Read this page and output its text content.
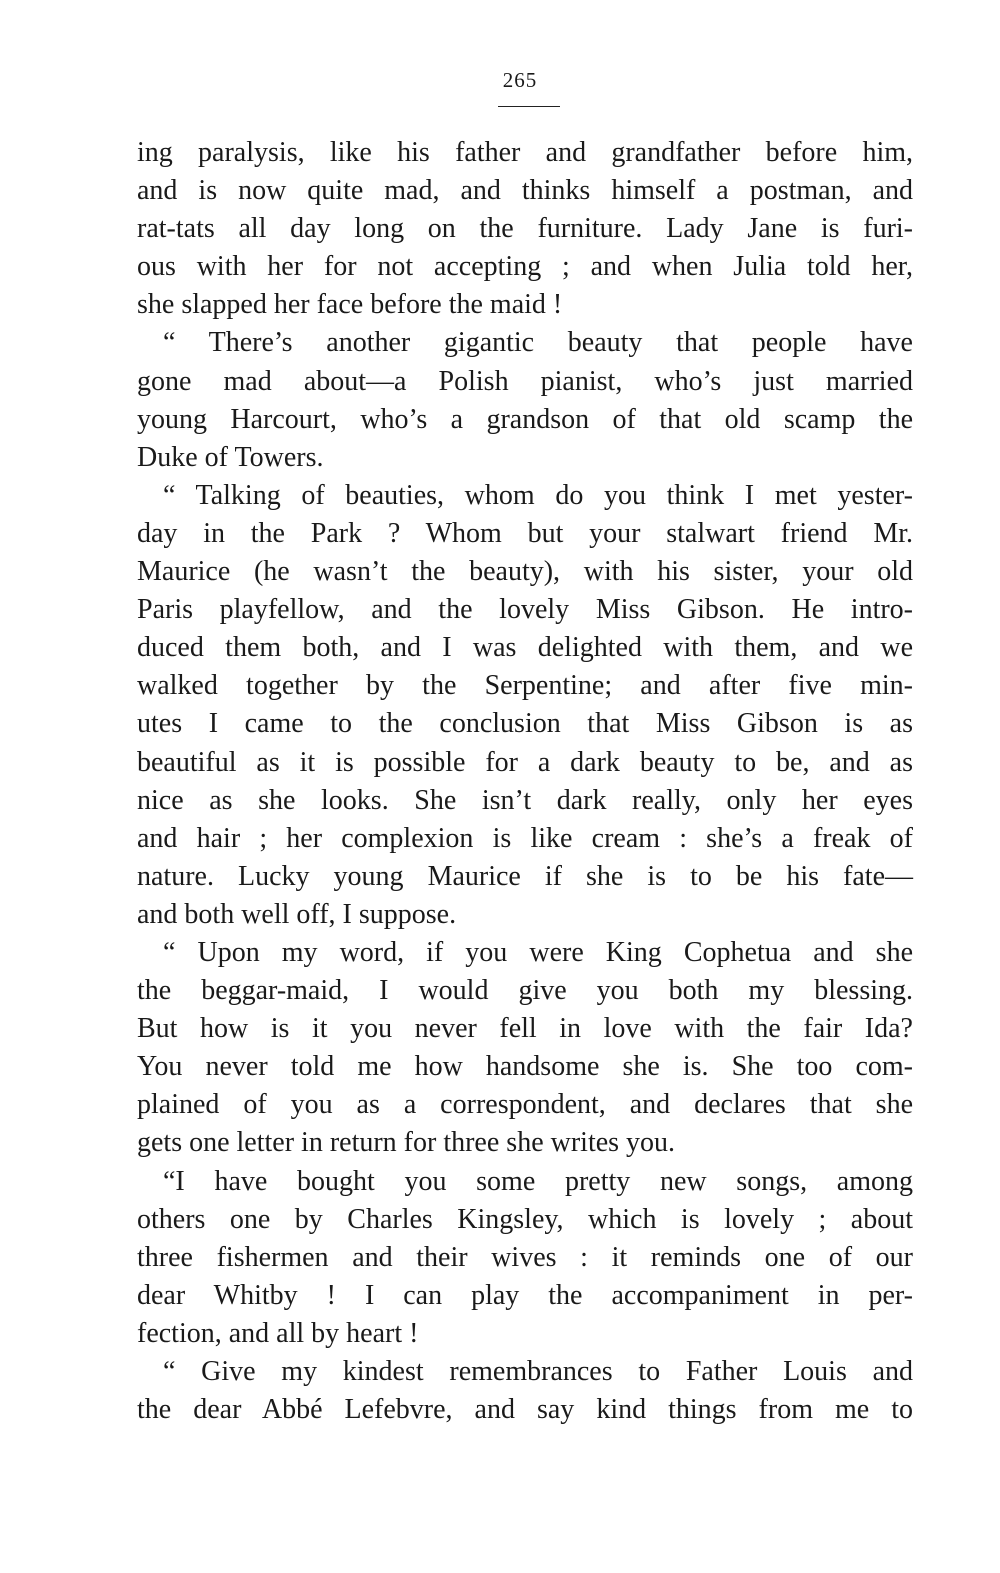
265

ing paralysis, like his father and grandfather before him,
and is now quite mad, and thinks himself a postman, and
rat-tats all day long on the furniture. Lady Jane is furi-
ous with her for not accepting ; and when Julia told her,
she slapped her face before the maid !

“ There’s another gigantic beauty that people have
gone mad about—a Polish pianist, who’s just married
young Harcourt, who’s a grandson of that old scamp the
Duke of Towers.

“ Talking of beauties, whom do you think I met yester-
day in the Park ? Whom but your stalwart friend Mr.
Maurice (he wasn’t the beauty), with his sister, your old
Paris playfellow, and the lovely Miss Gibson. He intro-
duced them both, and I was delighted with them, and we
walked together by the Serpentine; and after five min-
utes I came to the conclusion that Miss Gibson is as
beautiful as it is possible for a dark beauty to be, and as
nice as she looks. She isn’t dark really, only her eyes
and hair ; her complexion is like cream : she’s a freak of
nature. Lucky young Maurice if she is to be his fate—
and both well off, I suppose.

“ Upon my word, if you were King Cophetua and she
the beggar-maid, I would give you both my blessing.
But how is it you never fell in love with the fair Ida?
You never told me how handsome she is. She too com-
plained of you as a correspondent, and declares that she
gets one letter in return for three she writes you.

“I have bought you some pretty new songs, among
others one by Charles Kingsley, which is lovely ; about
three fishermen and their wives : it reminds one of our
dear Whitby ! I can play the accompaniment in per-
fection, and all by heart !

“ Give my kindest remembrances to Father Louis and
the dear Abbé Lefebvre, and say kind things from me to
